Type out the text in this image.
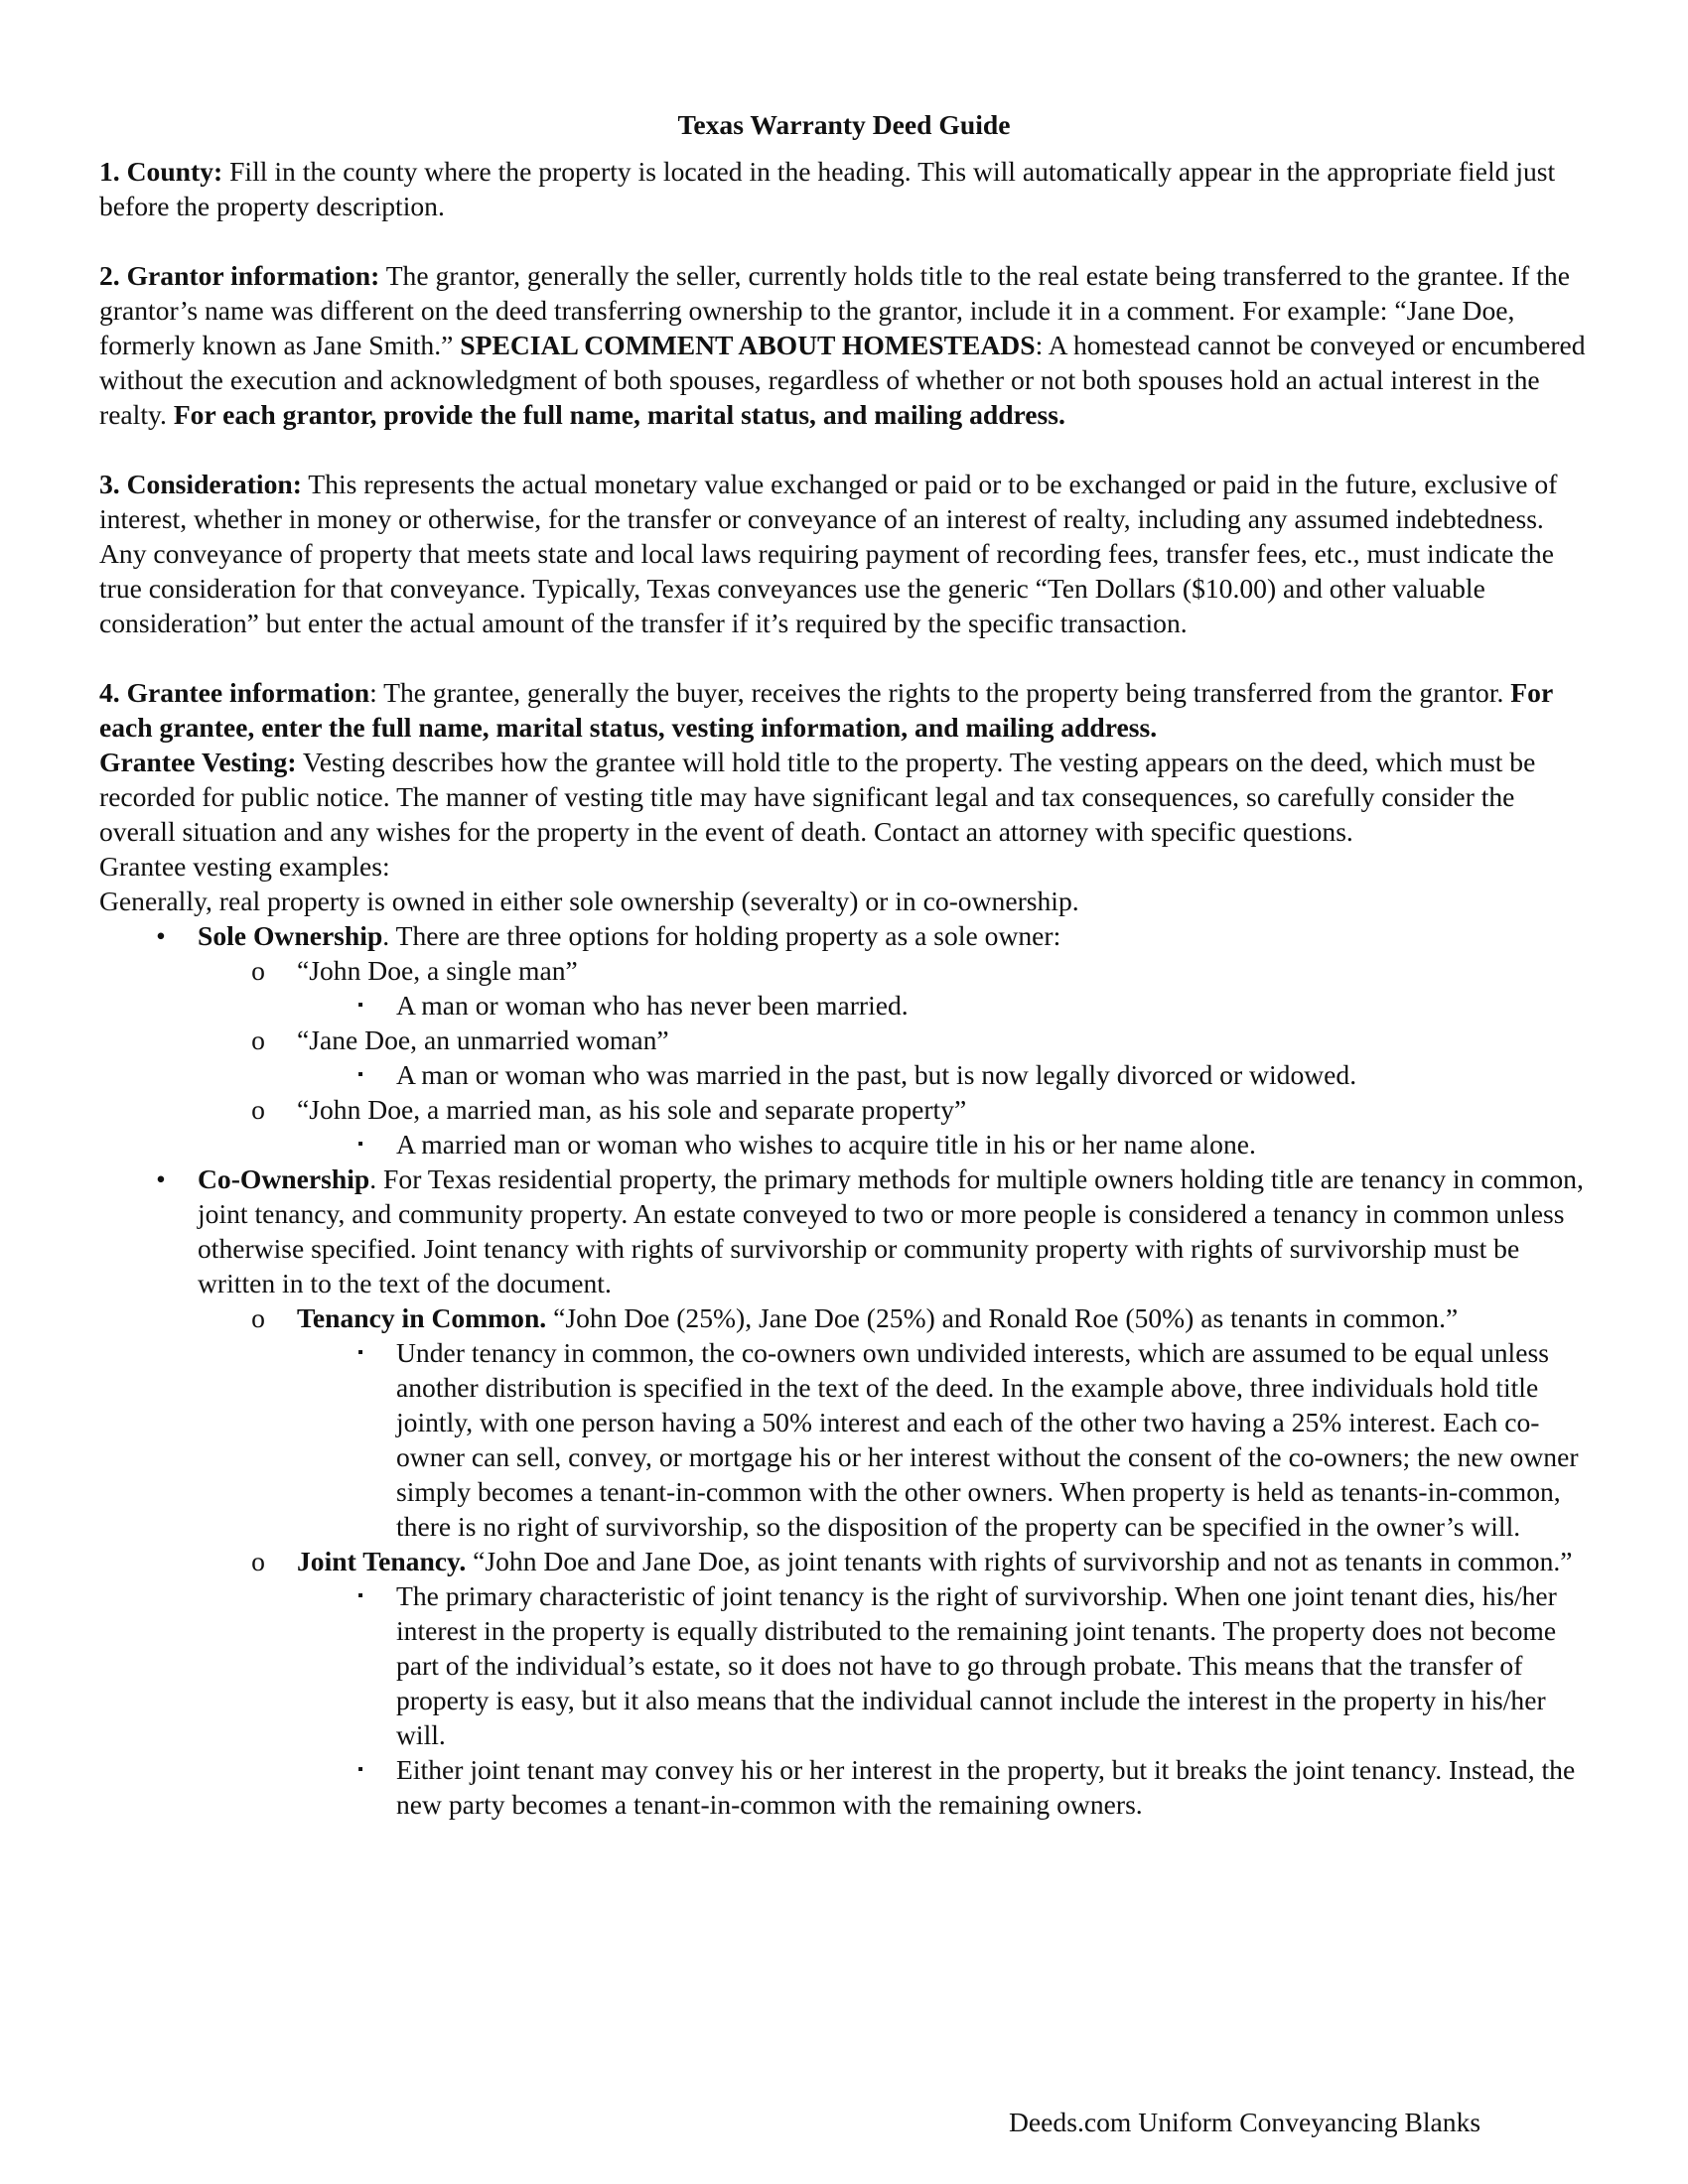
Texas Warranty Deed Guide

1. County: Fill in the county where the property is located in the heading. This will automatically appear in the appropriate field just before the property description.

2. Grantor information: The grantor, generally the seller, currently holds title to the real estate being transferred to the grantee. If the grantor’s name was different on the deed transferring ownership to the grantor, include it in a comment. For example: “Jane Doe, formerly known as Jane Smith.” SPECIAL COMMENT ABOUT HOMESTEADS: A homestead cannot be conveyed or encumbered without the execution and acknowledgment of both spouses, regardless of whether or not both spouses hold an actual interest in the realty. For each grantor, provide the full name, marital status, and mailing address.

3. Consideration: This represents the actual monetary value exchanged or paid or to be exchanged or paid in the future, exclusive of interest, whether in money or otherwise, for the transfer or conveyance of an interest of realty, including any assumed indebtedness. Any conveyance of property that meets state and local laws requiring payment of recording fees, transfer fees, etc., must indicate the true consideration for that conveyance. Typically, Texas conveyances use the generic “Ten Dollars ($10.00) and other valuable consideration” but enter the actual amount of the transfer if it’s required by the specific transaction.

4. Grantee information: The grantee, generally the buyer, receives the rights to the property being transferred from the grantor. For each grantee, enter the full name, marital status, vesting information, and mailing address.

Grantee Vesting: Vesting describes how the grantee will hold title to the property. The vesting appears on the deed, which must be recorded for public notice. The manner of vesting title may have significant legal and tax consequences, so carefully consider the overall situation and any wishes for the property in the event of death. Contact an attorney with specific questions.

Grantee vesting examples:

Generally, real property is owned in either sole ownership (severalty) or in co-ownership.

• Sole Ownership. There are three options for holding property as a sole owner:
o “John Doe, a single man”
▪ A man or woman who has never been married.
o “Jane Doe, an unmarried woman”
▪ A man or woman who was married in the past, but is now legally divorced or widowed.
o “John Doe, a married man, as his sole and separate property”
▪ A married man or woman who wishes to acquire title in his or her name alone.
• Co-Ownership. For Texas residential property, the primary methods for multiple owners holding title are tenancy in common, joint tenancy, and community property. An estate conveyed to two or more people is considered a tenancy in common unless otherwise specified. Joint tenancy with rights of survivorship or community property with rights of survivorship must be written in to the text of the document.
o Tenancy in Common. “John Doe (25%), Jane Doe (25%) and Ronald Roe (50%) as tenants in common.”
▪ Under tenancy in common, the co-owners own undivided interests, which are assumed to be equal unless another distribution is specified in the text of the deed. In the example above, three individuals hold title jointly, with one person having a 50% interest and each of the other two having a 25% interest. Each co-owner can sell, convey, or mortgage his or her interest without the consent of the co-owners; the new owner simply becomes a tenant-in-common with the other owners. When property is held as tenants-in-common, there is no right of survivorship, so the disposition of the property can be specified in the owner’s will.
o Joint Tenancy. “John Doe and Jane Doe, as joint tenants with rights of survivorship and not as tenants in common.”
▪ The primary characteristic of joint tenancy is the right of survivorship. When one joint tenant dies, his/her interest in the property is equally distributed to the remaining joint tenants. The property does not become part of the individual’s estate, so it does not have to go through probate. This means that the transfer of property is easy, but it also means that the individual cannot include the interest in the property in his/her will.
▪ Either joint tenant may convey his or her interest in the property, but it breaks the joint tenancy. Instead, the new party becomes a tenant-in-common with the remaining owners.
Deeds.com Uniform Conveyancing Blanks
